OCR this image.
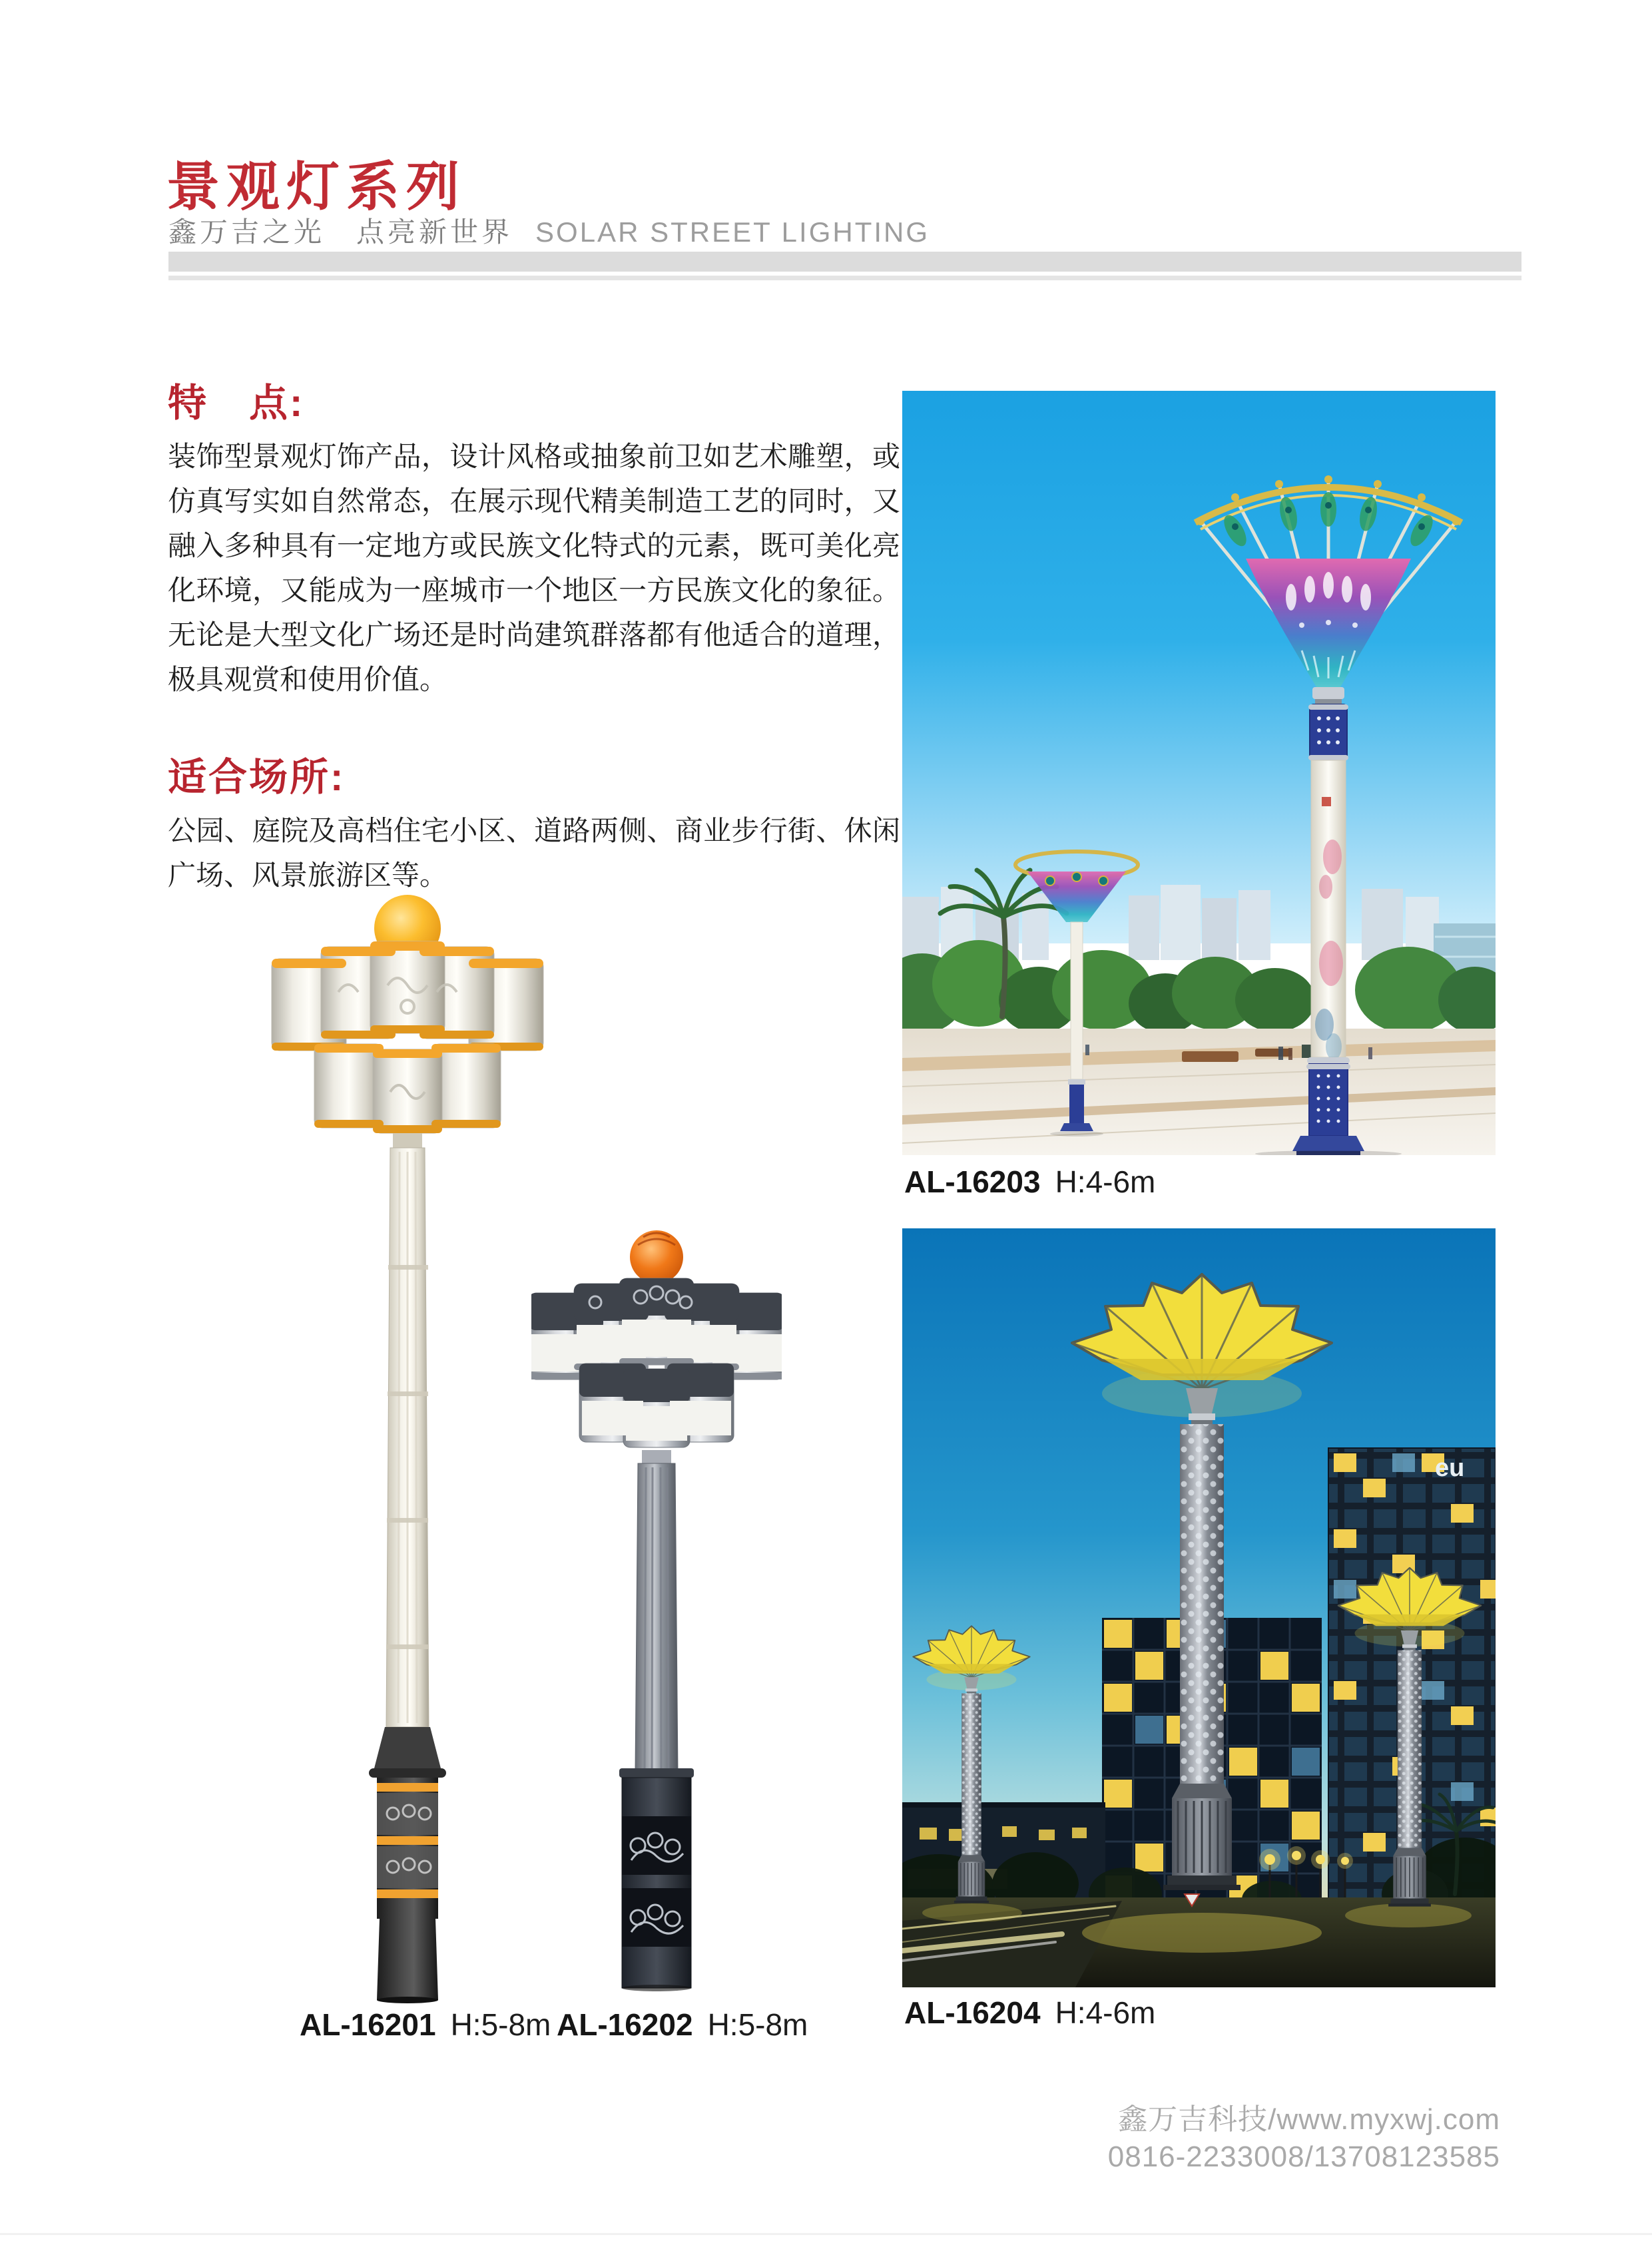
景观灯系列
鑫万吉之光　点亮新世界 SOLAR STREET LIGHTING
特　点:
装饰型景观灯饰产品，设计风格或抽象前卫如艺术雕塑，或仿真写实如自然常态，在展示现代精美制造工艺的同时，又融入多种具有一定地方或民族文化特式的元素，既可美化亮化环境，又能成为一座城市一个地区一方民族文化的象征。无论是大型文化广场还是时尚建筑群落都有他适合的道理，极具观赏和使用价值。
适合场所:
公园、庭院及高档住宅小区、道路两侧、商业步行街、休闲广场、风景旅游区等。
AL-16203 H:4-6m
eu
AL-16204 H:4-6m
AL-16201 H:5-8m AL-16202 H:5-8m
鑫万吉科技/www.myxwj.com
0816-2233008/13708123585
